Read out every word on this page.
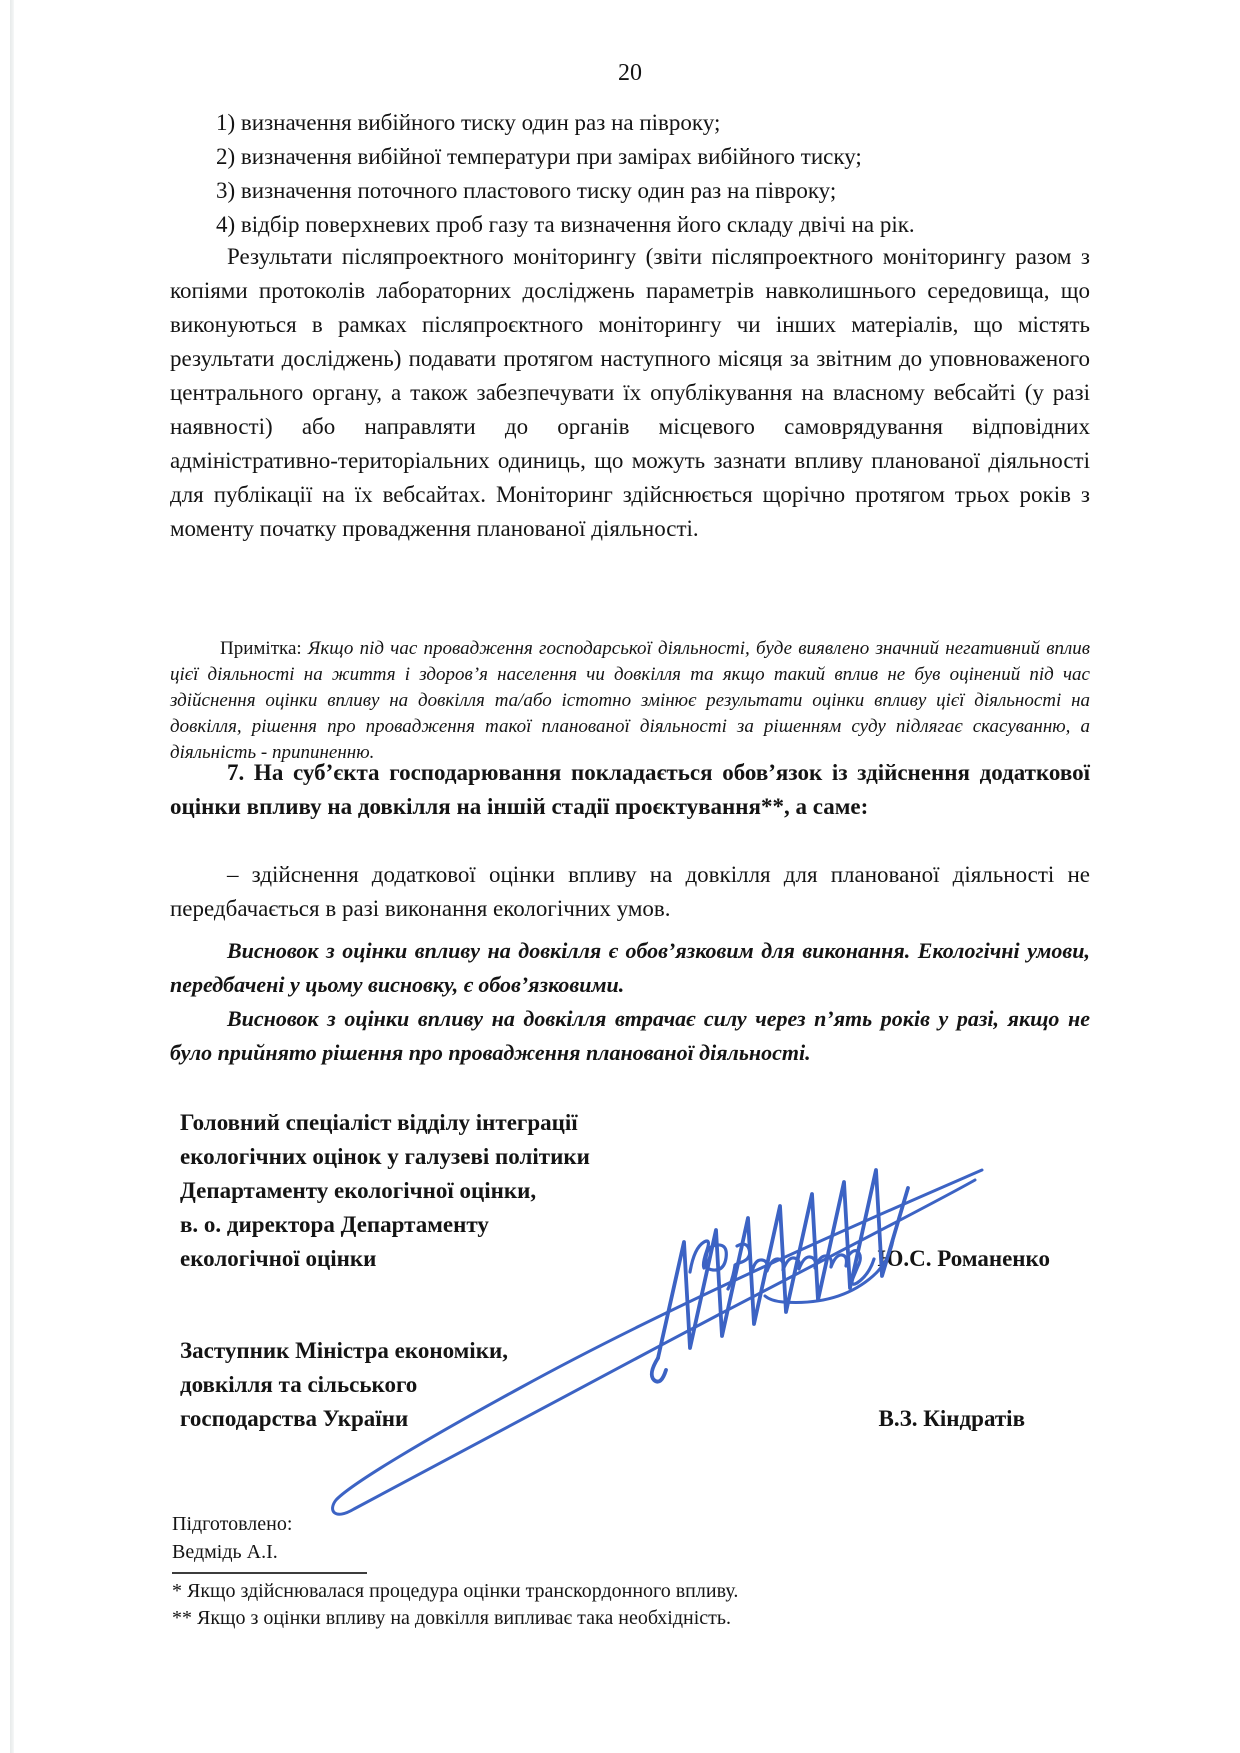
20
1) визначення вибійного тиску один раз на півроку;
2) визначення вибійної температури при замірах вибійного тиску;
3) визначення поточного пластового тиску один раз на півроку;
4) відбір поверхневих проб газу та визначення його складу двічі на рік.

Результати післяпроектного моніторингу (звіти післяпроектного моніторингу разом з копіями протоколів лабораторних досліджень параметрів навколишнього середовища, що виконуються в рамках післяпроєктного моніторингу чи інших матеріалів, що містять результати досліджень) подавати протягом наступного місяця за звітним до уповноваженого центрального органу, а також забезпечувати їх опублікування на власному вебсайті (у разі наявності) або направляти до органів місцевого самоврядування відповідних адміністративно-територіальних одиниць, що можуть зазнати впливу планованої діяльності для публікації на їх вебсайтах. Моніторинг здійснюється щорічно протягом трьох років з моменту початку провадження планованої діяльності.

Примітка: Якщо під час провадження господарської діяльності, буде виявлено значний негативний вплив цієї діяльності на життя і здоров’я населення чи довкілля та якщо такий вплив не був оцінений під час здійснення оцінки впливу на довкілля та/або істотно змінює результати оцінки впливу цієї діяльності на довкілля, рішення про провадження такої планованої діяльності за рішенням суду підлягає скасуванню, а діяльність - припиненню.

7. На суб’єкта господарювання покладається обов’язок із здійснення додаткової оцінки впливу на довкілля на іншій стадії проєктування**, а саме:

– здійснення додаткової оцінки впливу на довкілля для планованої діяльності не передбачається в разі виконання екологічних умов.

Висновок з оцінки впливу на довкілля є обов’язковим для виконання. Екологічні умови, передбачені у цьому висновку, є обов’язковими.

Висновок з оцінки впливу на довкілля втрачає силу через п’ять років у разі, якщо не було прийнято рішення про провадження планованої діяльності.

Головний спеціаліст відділу інтеграції
екологічних оцінок у галузеві політики
Департаменту екологічної оцінки,
в. о. директора Департаменту
екологічної оцінки	Ю.С. Романенко
Заступник Міністра економіки,
довкілля та сільського
господарства України	В.З. Кіндратів
Підготовлено:
Ведмідь А.І.
* Якщо здійснювалася процедура оцінки транскордонного впливу.
** Якщо з оцінки впливу на довкілля випливає така необхідність.
